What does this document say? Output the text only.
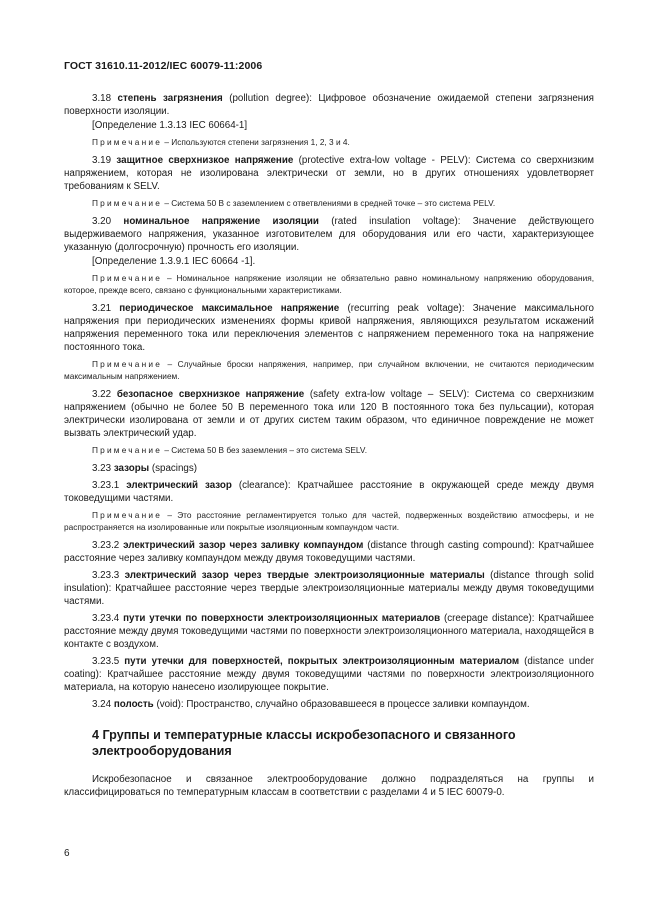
ГОСТ 31610.11-2012/IEC 60079-11:2006
3.18 степень загрязнения (pollution degree): Цифровое обозначение ожидаемой степени загрязнения поверхности изоляции.
[Определение 1.3.13 IEC 60664-1]
Примечание – Используются степени загрязнения 1, 2, 3 и 4.
3.19 защитное сверхнизкое напряжение (protective extra-low voltage - PELV): Система со сверхнизким напряжением, которая не изолирована электрически от земли, но в других отношениях удовлетворяет требованиям к SELV.
Примечание – Система 50 В с заземлением с ответвлениями в средней точке – это система PELV.
3.20 номинальное напряжение изоляции (rated insulation voltage): Значение действующего выдерживаемого напряжения, указанное изготовителем для оборудования или его части, характеризующее указанную (долгосрочную) прочность его изоляции.
[Определение 1.3.9.1 IEC 60664 -1].
Примечание – Номинальное напряжение изоляции не обязательно равно номинальному напряжению оборудования, которое, прежде всего, связано с функциональными характеристиками.
3.21 периодическое максимальное напряжение (recurring peak voltage): Значение максимального напряжения при периодических изменениях формы кривой напряжения, являющихся результатом искажений напряжения переменного тока или переключения элементов с напряжением переменного тока на напряжение постоянного тока.
Примечание – Случайные броски напряжения, например, при случайном включении, не считаются периодическим максимальным напряжением.
3.22 безопасное сверхнизкое напряжение (safety extra-low voltage – SELV): Система со сверхнизким напряжением (обычно не более 50 В переменного тока или 120 В постоянного тока без пульсации), которая электрически изолирована от земли и от других систем таким образом, что единичное повреждение не может вызвать электрический удар.
Примечание – Система 50 В без заземления – это система SELV.
3.23 зазоры (spacings)
3.23.1 электрический зазор (clearance): Кратчайшее расстояние в окружающей среде между двумя токоведущими частями.
Примечание – Это расстояние регламентируется только для частей, подверженных воздействию атмосферы, и не распространяется на изолированные или покрытые изоляционным компаундом части.
3.23.2 электрический зазор через заливку компаундом (distance through casting compound): Кратчайшее расстояние через заливку компаундом между двумя токоведущими частями.
3.23.3 электрический зазор через твердые электроизоляционные материалы (distance through solid insulation): Кратчайшее расстояние через твердые электроизоляционные материалы между двумя токоведущими частями.
3.23.4 пути утечки по поверхности электроизоляционных материалов (creepage distance): Кратчайшее расстояние между двумя токоведущими частями по поверхности электроизоляционного материала, находящейся в контакте с воздухом.
3.23.5 пути утечки для поверхностей, покрытых электроизоляционным материалом (distance under coating): Кратчайшее расстояние между двумя токоведущими частями по поверхности электроизоляционного материала, на которую нанесено изолирующее покрытие.
3.24 полость (void): Пространство, случайно образовавшееся в процессе заливки компаундом.
4 Группы и температурные классы искробезопасного и связанного электрооборудования
Искробезопасное и связанное электрооборудование должно подразделяться на группы и классифицироваться по температурным классам в соответствии с разделами 4 и 5 IEC 60079-0.
6
